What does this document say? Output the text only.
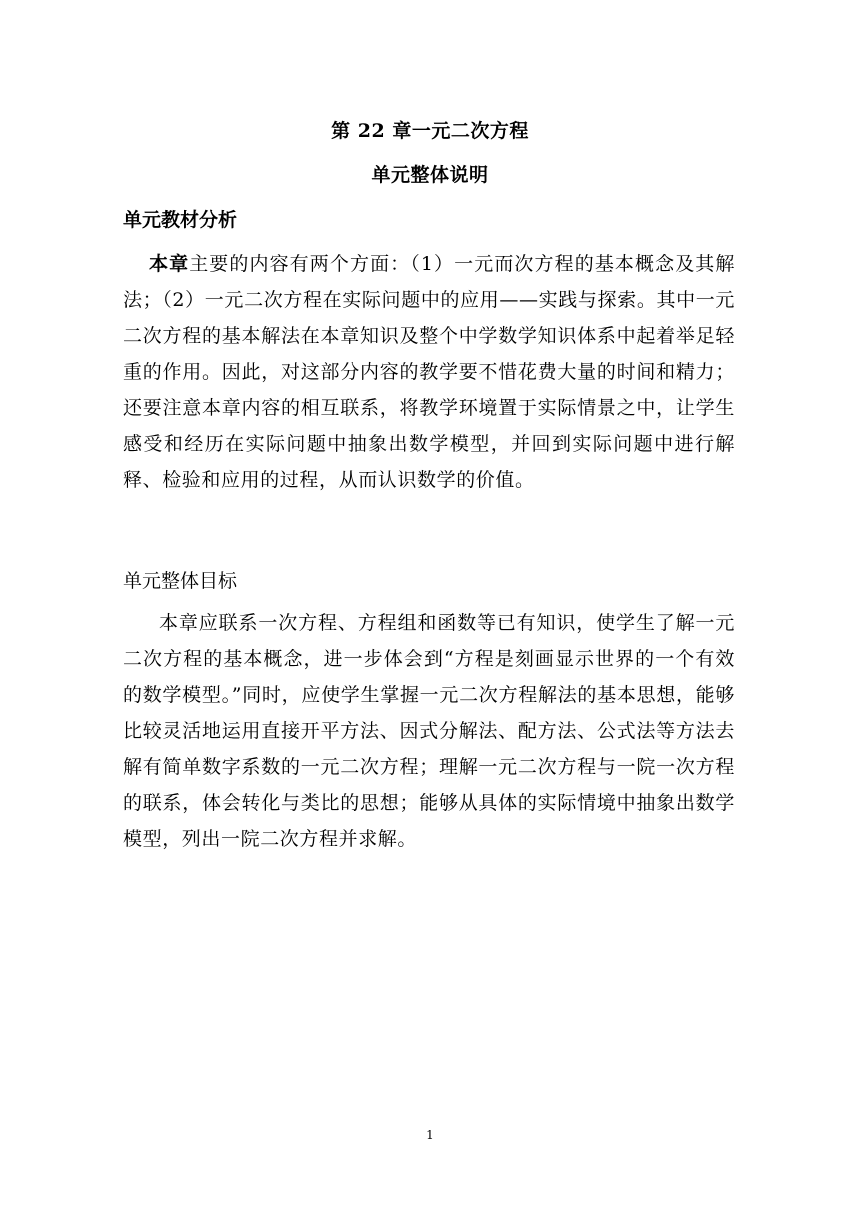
第 22 章一元二次方程
单元整体说明
单元教材分析
本章主要的内容有两个方面：（1）一元而次方程的基本概念及其解法；（2）一元二次方程在实际问题中的应用——实践与探索。其中一元二次方程的基本解法在本章知识及整个中学数学知识体系中起着举足轻重的作用。因此，对这部分内容的教学要不惜花费大量的时间和精力；还要注意本章内容的相互联系，将教学环境置于实际情景之中，让学生感受和经历在实际问题中抽象出数学模型，并回到实际问题中进行解释、检验和应用的过程，从而认识数学的价值。
单元整体目标
本章应联系一次方程、方程组和函数等已有知识，使学生了解一元二次方程的基本概念，进一步体会到“方程是刻画显示世界的一个有效的数学模型。”同时，应使学生掌握一元二次方程解法的基本思想，能够比较灵活地运用直接开平方法、因式分解法、配方法、公式法等方法去解有简单数字系数的一元二次方程；理解一元二次方程与一院一次方程的联系，体会转化与类比的思想；能够从具体的实际情境中抽象出数学模型，列出一院二次方程并求解。
1
